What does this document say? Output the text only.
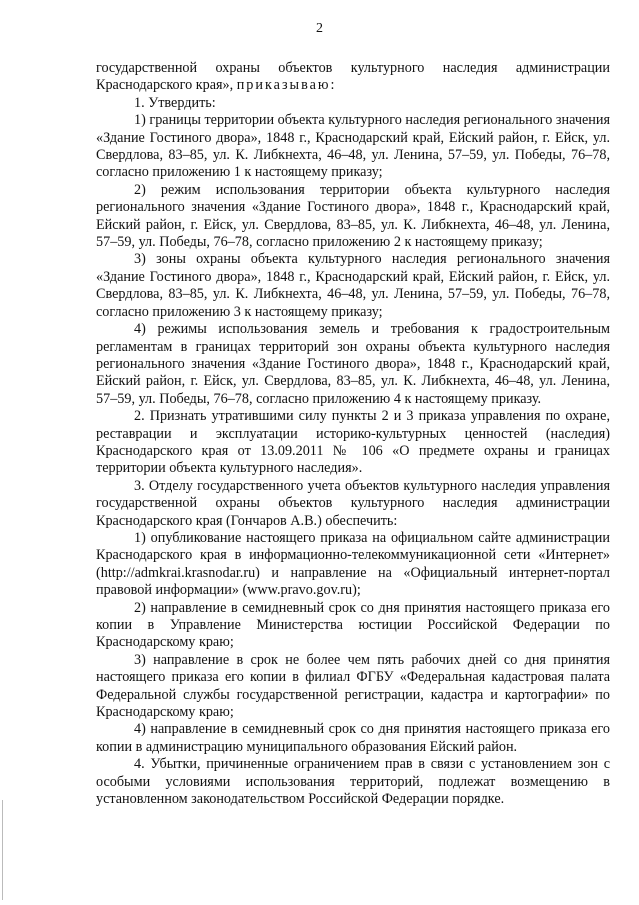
2

государственной охраны объектов культурного наследия администрации Краснодарского края», приказываю:

1. Утвердить:

1) границы территории объекта культурного наследия регионального значения «Здание Гостиного двора», 1848 г., Краснодарский край, Ейский район, г. Ейск, ул. Свердлова, 83–85, ул. К. Либкнехта, 46–48, ул. Ленина, 57–59, ул. Победы, 76–78, согласно приложению 1 к настоящему приказу;

2) режим использования территории объекта культурного наследия регионального значения «Здание Гостиного двора», 1848 г., Краснодарский край, Ейский район, г. Ейск, ул. Свердлова, 83–85, ул. К. Либкнехта, 46–48, ул. Ленина, 57–59, ул. Победы, 76–78, согласно приложению 2 к настоящему приказу;

3) зоны охраны объекта культурного наследия регионального значения «Здание Гостиного двора», 1848 г., Краснодарский край, Ейский район, г. Ейск, ул. Свердлова, 83–85, ул. К. Либкнехта, 46–48, ул. Ленина, 57–59, ул. Победы, 76–78, согласно приложению 3 к настоящему приказу;

4) режимы использования земель и требования к градостроительным регламентам в границах территорий зон охраны объекта культурного наследия регионального значения «Здание Гостиного двора», 1848 г., Краснодарский край, Ейский район, г. Ейск, ул. Свердлова, 83–85, ул. К. Либкнехта, 46–48, ул. Ленина, 57–59, ул. Победы, 76–78, согласно приложению 4 к настоящему приказу.

2. Признать утратившими силу пункты 2 и 3 приказа управления по охране, реставрации и эксплуатации историко-культурных ценностей (наследия) Краснодарского края от 13.09.2011 № 106 «О предмете охраны и границах территории объекта культурного наследия».

3. Отделу государственного учета объектов культурного наследия управления государственной охраны объектов культурного наследия администрации Краснодарского края (Гончаров А.В.) обеспечить:

1) опубликование настоящего приказа на официальном сайте администрации Краснодарского края в информационно-телекоммуникационной сети «Интернет» (http://admkrai.krasnodar.ru) и направление на «Официальный интернет-портал правовой информации» (www.pravo.gov.ru);

2) направление в семидневный срок со дня принятия настоящего приказа его копии в Управление Министерства юстиции Российской Федерации по Краснодарскому краю;

3) направление в срок не более чем пять рабочих дней со дня принятия настоящего приказа его копии в филиал ФГБУ «Федеральная кадастровая палата Федеральной службы государственной регистрации, кадастра и картографии» по Краснодарскому краю;

4) направление в семидневный срок со дня принятия настоящего приказа его копии в администрацию муниципального образования Ейский район.

4. Убытки, причиненные ограничением прав в связи с установлением зон с особыми условиями использования территорий, подлежат возмещению в установленном законодательством Российской Федерации порядке.
